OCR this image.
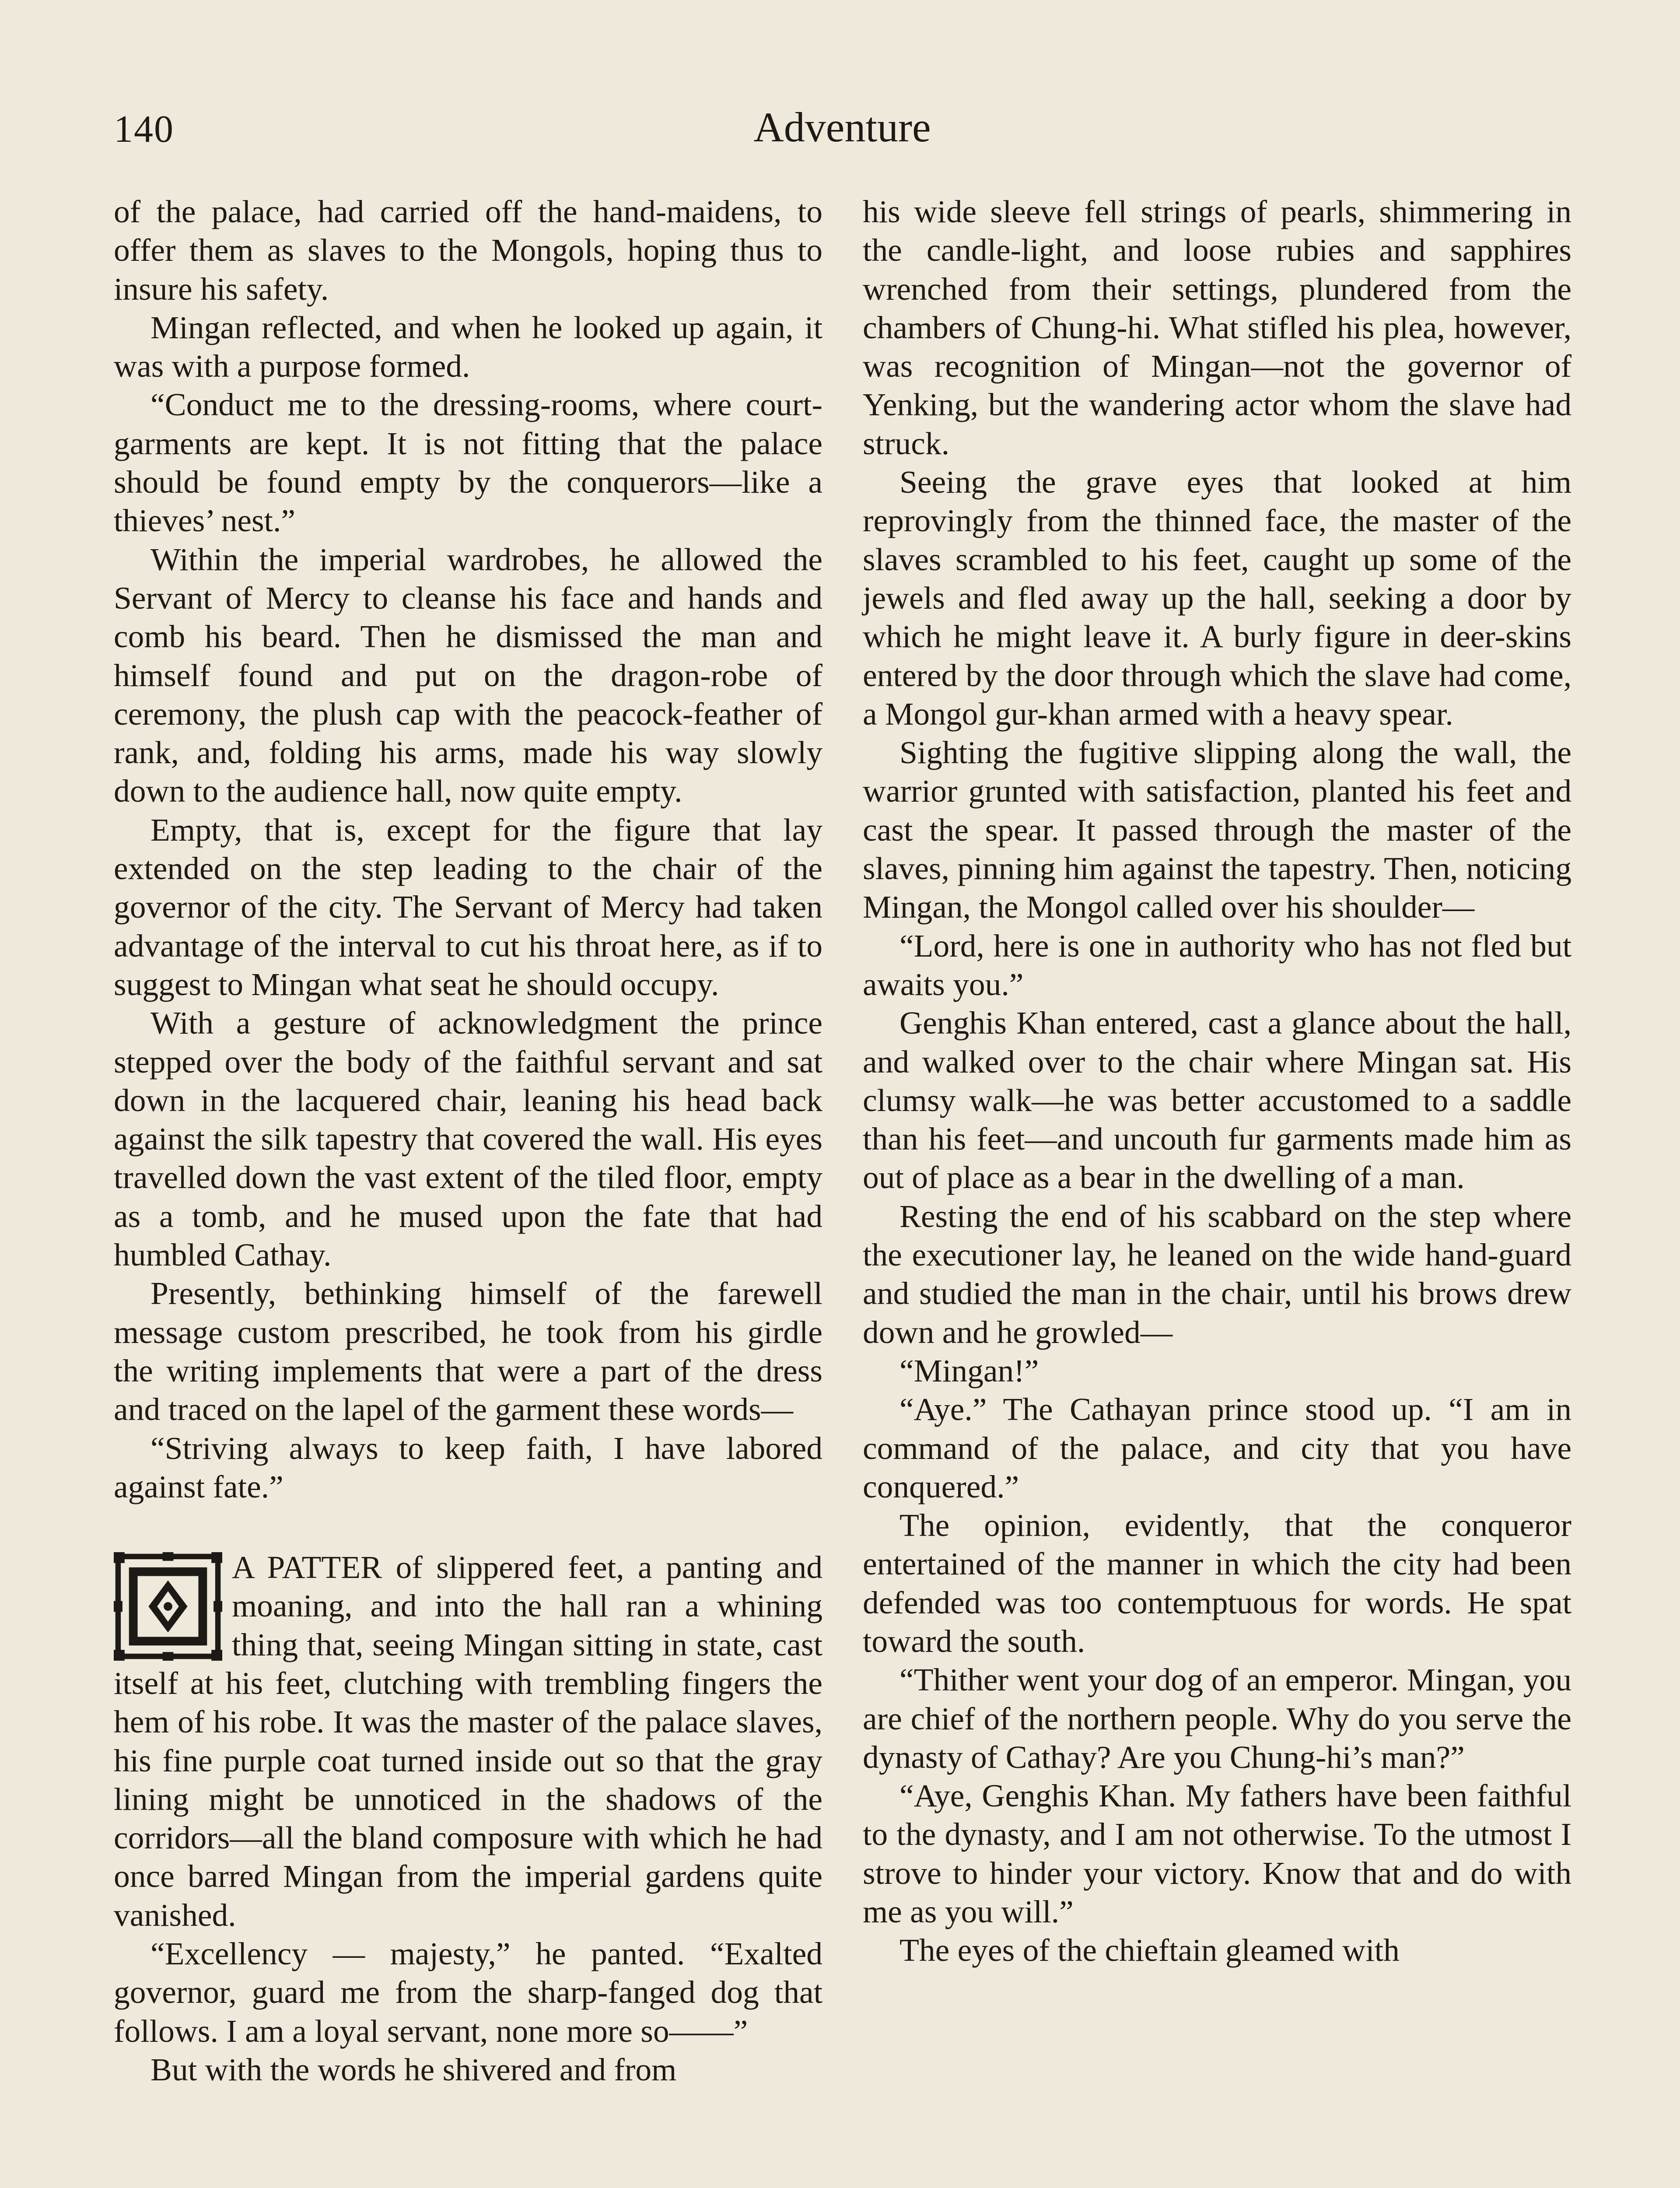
140	Adventure

of the palace, had carried off the hand-maidens, to offer them as slaves to the Mongols, hoping thus to insure his safety.

Mingan reflected, and when he looked up again, it was with a purpose formed.

“Conduct me to the dressing-rooms, where court-garments are kept. It is not fitting that the palace should be found empty by the conquerors—like a thieves’ nest.”

Within the imperial wardrobes, he allowed the Servant of Mercy to cleanse his face and hands and comb his beard. Then he dismissed the man and himself found and put on the dragon-robe of ceremony, the plush cap with the peacock-feather of rank, and, folding his arms, made his way slowly down to the audience hall, now quite empty.

Empty, that is, except for the figure that lay extended on the step leading to the chair of the governor of the city. The Servant of Mercy had taken advantage of the interval to cut his throat here, as if to suggest to Mingan what seat he should occupy.

With a gesture of acknowledgment the prince stepped over the body of the faithful servant and sat down in the lacquered chair, leaning his head back against the silk tapestry that covered the wall. His eyes travelled down the vast extent of the tiled floor, empty as a tomb, and he mused upon the fate that had humbled Cathay.

Presently, bethinking himself of the farewell message custom prescribed, he took from his girdle the writing implements that were a part of the dress and traced on the lapel of the garment these words—

“Striving always to keep faith, I have labored against fate.”

A PATTER of slippered feet, a panting and moaning, and into the hall ran a whining thing that, seeing Mingan sitting in state, cast itself at his feet, clutching with trembling fingers the hem of his robe. It was the master of the palace slaves, his fine purple coat turned inside out so that the gray lining might be unnoticed in the shadows of the corridors—all the bland composure with which he had once barred Mingan from the imperial gardens quite vanished.

“Excellency — majesty,” he panted. “Exalted governor, guard me from the sharp-fanged dog that follows. I am a loyal servant, none more so——”

But with the words he shivered and from

his wide sleeve fell strings of pearls, shimmering in the candle-light, and loose rubies and sapphires wrenched from their settings, plundered from the chambers of Chung-hi. What stifled his plea, however, was recognition of Mingan—not the governor of Yenking, but the wandering actor whom the slave had struck.

Seeing the grave eyes that looked at him reprovingly from the thinned face, the master of the slaves scrambled to his feet, caught up some of the jewels and fled away up the hall, seeking a door by which he might leave it. A burly figure in deer-skins entered by the door through which the slave had come, a Mongol gur-khan armed with a heavy spear.

Sighting the fugitive slipping along the wall, the warrior grunted with satisfaction, planted his feet and cast the spear. It passed through the master of the slaves, pinning him against the tapestry. Then, noticing Mingan, the Mongol called over his shoulder—

“Lord, here is one in authority who has not fled but awaits you.”

Genghis Khan entered, cast a glance about the hall, and walked over to the chair where Mingan sat. His clumsy walk—he was better accustomed to a saddle than his feet—and uncouth fur garments made him as out of place as a bear in the dwelling of a man.

Resting the end of his scabbard on the step where the executioner lay, he leaned on the wide hand-guard and studied the man in the chair, until his brows drew down and he growled—

“Mingan!”

“Aye.” The Cathayan prince stood up. “I am in command of the palace, and city that you have conquered.”

The opinion, evidently, that the conqueror entertained of the manner in which the city had been defended was too contemptuous for words. He spat toward the south.

“Thither went your dog of an emperor. Mingan, you are chief of the northern people. Why do you serve the dynasty of Cathay? Are you Chung-hi’s man?”

“Aye, Genghis Khan. My fathers have been faithful to the dynasty, and I am not otherwise. To the utmost I strove to hinder your victory. Know that and do with me as you will.”

The eyes of the chieftain gleamed with
